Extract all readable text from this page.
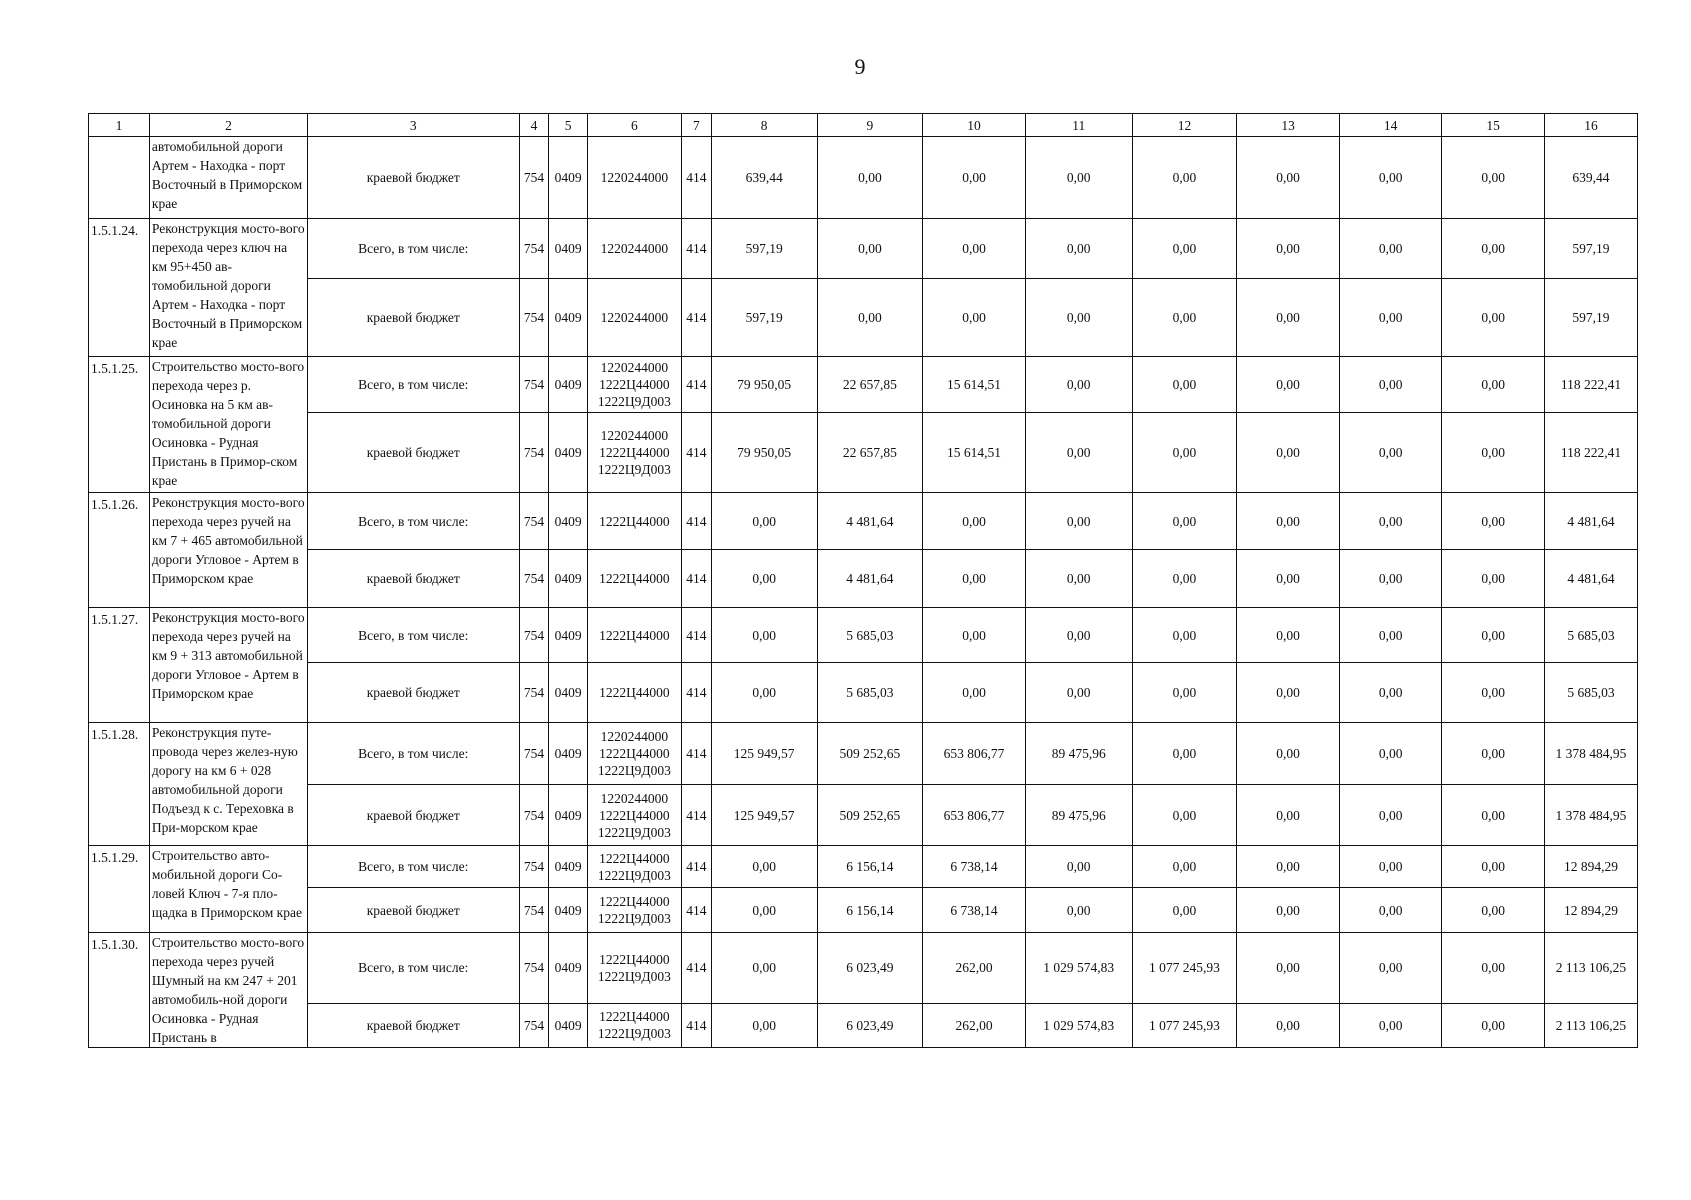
9
1	2	3	4	5	6	7	8	9	10	11	12	13	14	15	16
	автомобильной дороги Артем - Находка - порт Восточный в Приморском крае	краевой бюджет	754	0409	1220244000	414	639,44	0,00	0,00	0,00	0,00	0,00	0,00	0,00	639,44
1.5.1.24.	Реконструкция мосто-вого перехода через ключ на км 95+450 ав-томобильной дороги Артем - Находка - порт Восточный в Приморском крае	Всего, в том числе:	754	0409	1220244000	414	597,19	0,00	0,00	0,00	0,00	0,00	0,00	0,00	597,19
		краевой бюджет	754	0409	1220244000	414	597,19	0,00	0,00	0,00	0,00	0,00	0,00	0,00	597,19
1.5.1.25.	Строительство мосто-вого перехода через р. Осиновка на 5 км ав-томобильной дороги Осиновка - Рудная Пристань в Примор-ском крае	Всего, в том числе:	754	0409	1220244000
1222Ц44000
1222Ц9Д003	414	79 950,05	22 657,85	15 614,51	0,00	0,00	0,00	0,00	0,00	118 222,41
		краевой бюджет	754	0409	1220244000
1222Ц44000
1222Ц9Д003	414	79 950,05	22 657,85	15 614,51	0,00	0,00	0,00	0,00	0,00	118 222,41
1.5.1.26.	Реконструкция мосто-вого перехода через ручей на км 7 + 465 автомобильной дороги Угловое - Артем в Приморском крае	Всего, в том числе:	754	0409	1222Ц44000	414	0,00	4 481,64	0,00	0,00	0,00	0,00	0,00	0,00	4 481,64
		краевой бюджет	754	0409	1222Ц44000	414	0,00	4 481,64	0,00	0,00	0,00	0,00	0,00	0,00	4 481,64
1.5.1.27.	Реконструкция мосто-вого перехода через ручей на км 9 + 313 автомобильной дороги Угловое - Артем в Приморском крае	Всего, в том числе:	754	0409	1222Ц44000	414	0,00	5 685,03	0,00	0,00	0,00	0,00	0,00	0,00	5 685,03
		краевой бюджет	754	0409	1222Ц44000	414	0,00	5 685,03	0,00	0,00	0,00	0,00	0,00	0,00	5 685,03
1.5.1.28.	Реконструкция путе-провода через желез-ную дорогу на км 6 + 028 автомобильной дороги Подъезд к с. Тереховка в При-морском крае	Всего, в том числе:	754	0409	1220244000
1222Ц44000
1222Ц9Д003	414	125 949,57	509 252,65	653 806,77	89 475,96	0,00	0,00	0,00	0,00	1 378 484,95
		краевой бюджет	754	0409	1220244000
1222Ц44000
1222Ц9Д003	414	125 949,57	509 252,65	653 806,77	89 475,96	0,00	0,00	0,00	0,00	1 378 484,95
1.5.1.29.	Строительство авто-мобильной дороги Со-ловей Ключ - 7-я пло-щадка в Приморском крае	Всего, в том числе:	754	0409	1222Ц44000
1222Ц9Д003	414	0,00	6 156,14	6 738,14	0,00	0,00	0,00	0,00	0,00	12 894,29
		краевой бюджет	754	0409	1222Ц44000
1222Ц9Д003	414	0,00	6 156,14	6 738,14	0,00	0,00	0,00	0,00	0,00	12 894,29
1.5.1.30.	Строительство мосто-вого перехода через ручей Шумный на км 247 + 201 автомобиль-ной дороги Осиновка - Рудная Пристань в	Всего, в том числе:	754	0409	1222Ц44000
1222Ц9Д003	414	0,00	6 023,49	262,00	1 029 574,83	1 077 245,93	0,00	0,00	0,00	2 113 106,25
		краевой бюджет	754	0409	1222Ц44000
1222Ц9Д003	414	0,00	6 023,49	262,00	1 029 574,83	1 077 245,93	0,00	0,00	0,00	2 113 106,25
